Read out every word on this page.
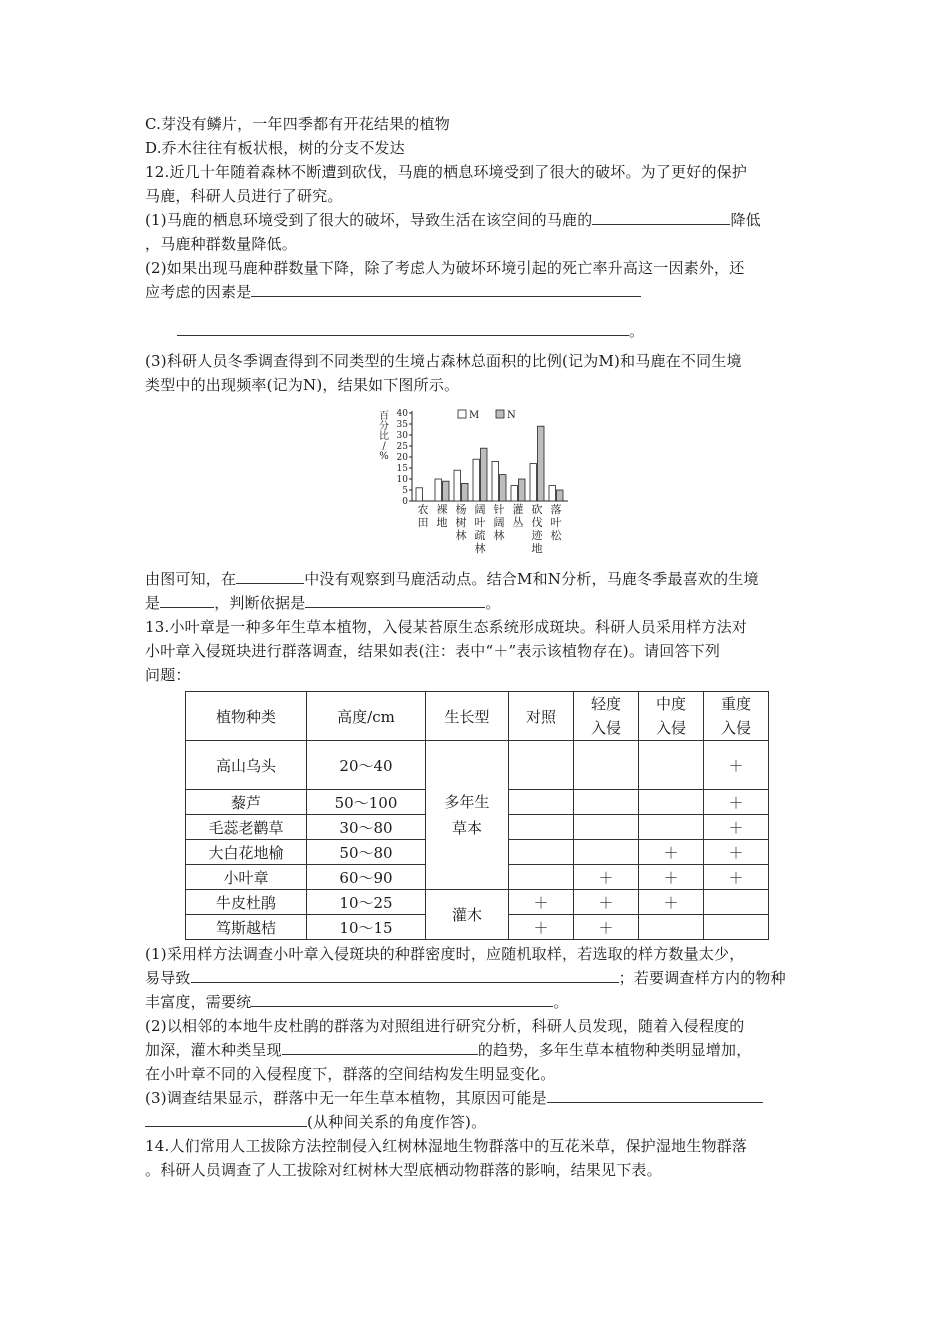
C.芽没有鳞片，一年四季都有开花结果的植物
D.乔木往往有板状根，树的分支不发达
12.近几十年随着森林不断遭到砍伐，马鹿的栖息环境受到了很大的破坏。为了更好的保护
马鹿，科研人员进行了研究。
(1)马鹿的栖息环境受到了很大的破坏，导致生活在该空间的马鹿的	降低
，马鹿种群数量降低。
(2)如果出现马鹿种群数量下降，除了考虑人为破坏环境引起的死亡率升高这一因素外，还
应考虑的因素是
。
(3)科研人员冬季调查得到不同类型的生境占森林总面积的比例(记为M)和马鹿在不同生境
类型中的出现频率(记为N)，结果如下图所示。
0
5
10
15
20
25
30
35
40
百分比/ %
农田
裸地
杨树林
阔叶疏林
针阔林
灌丛
砍伐迹地
落叶松
M	N
由图可知，在	中没有观察到马鹿活动点。结合M和N分析，马鹿冬季最喜欢的生境
是	，判断依据是	。
13.小叶章是一种多年生草本植物，入侵某苔原生态系统形成斑块。科研人员采用样方法对
小叶章入侵斑块进行群落调查，结果如表(注：表中“＋”表示该植物存在)。请回答下列
问题：
植物种类	高度/cm	生长型	对照	轻度入侵	中度入侵	重度入侵

高山乌头	20～40	多年生草本				＋
藜芦	50～100					＋
毛蕊老鹳草	30～80					＋
大白花地榆	50～80				＋	＋
小叶章	60～90			＋	＋	＋
牛皮杜鹃	10～25	灌木	＋	＋	＋	
笃斯越桔	10～15		＋	＋		
(1)采用样方法调查小叶章入侵斑块的种群密度时，应随机取样，若选取的样方数量太少，
易导致	；若要调查样方内的物种
丰富度，需要统	。
(2)以相邻的本地牛皮杜鹃的群落为对照组进行研究分析，科研人员发现，随着入侵程度的
加深，灌木种类呈现	的趋势，多年生草本植物种类明显增加，
在小叶章不同的入侵程度下，群落的空间结构发生明显变化。
(3)调查结果显示，群落中无一年生草本植物，其原因可能是
(从种间关系的角度作答)。
14.人们常用人工拔除方法控制侵入红树林湿地生物群落中的互花米草，保护湿地生物群落
。科研人员调查了人工拔除对红树林大型底栖动物群落的影响，结果见下表。
